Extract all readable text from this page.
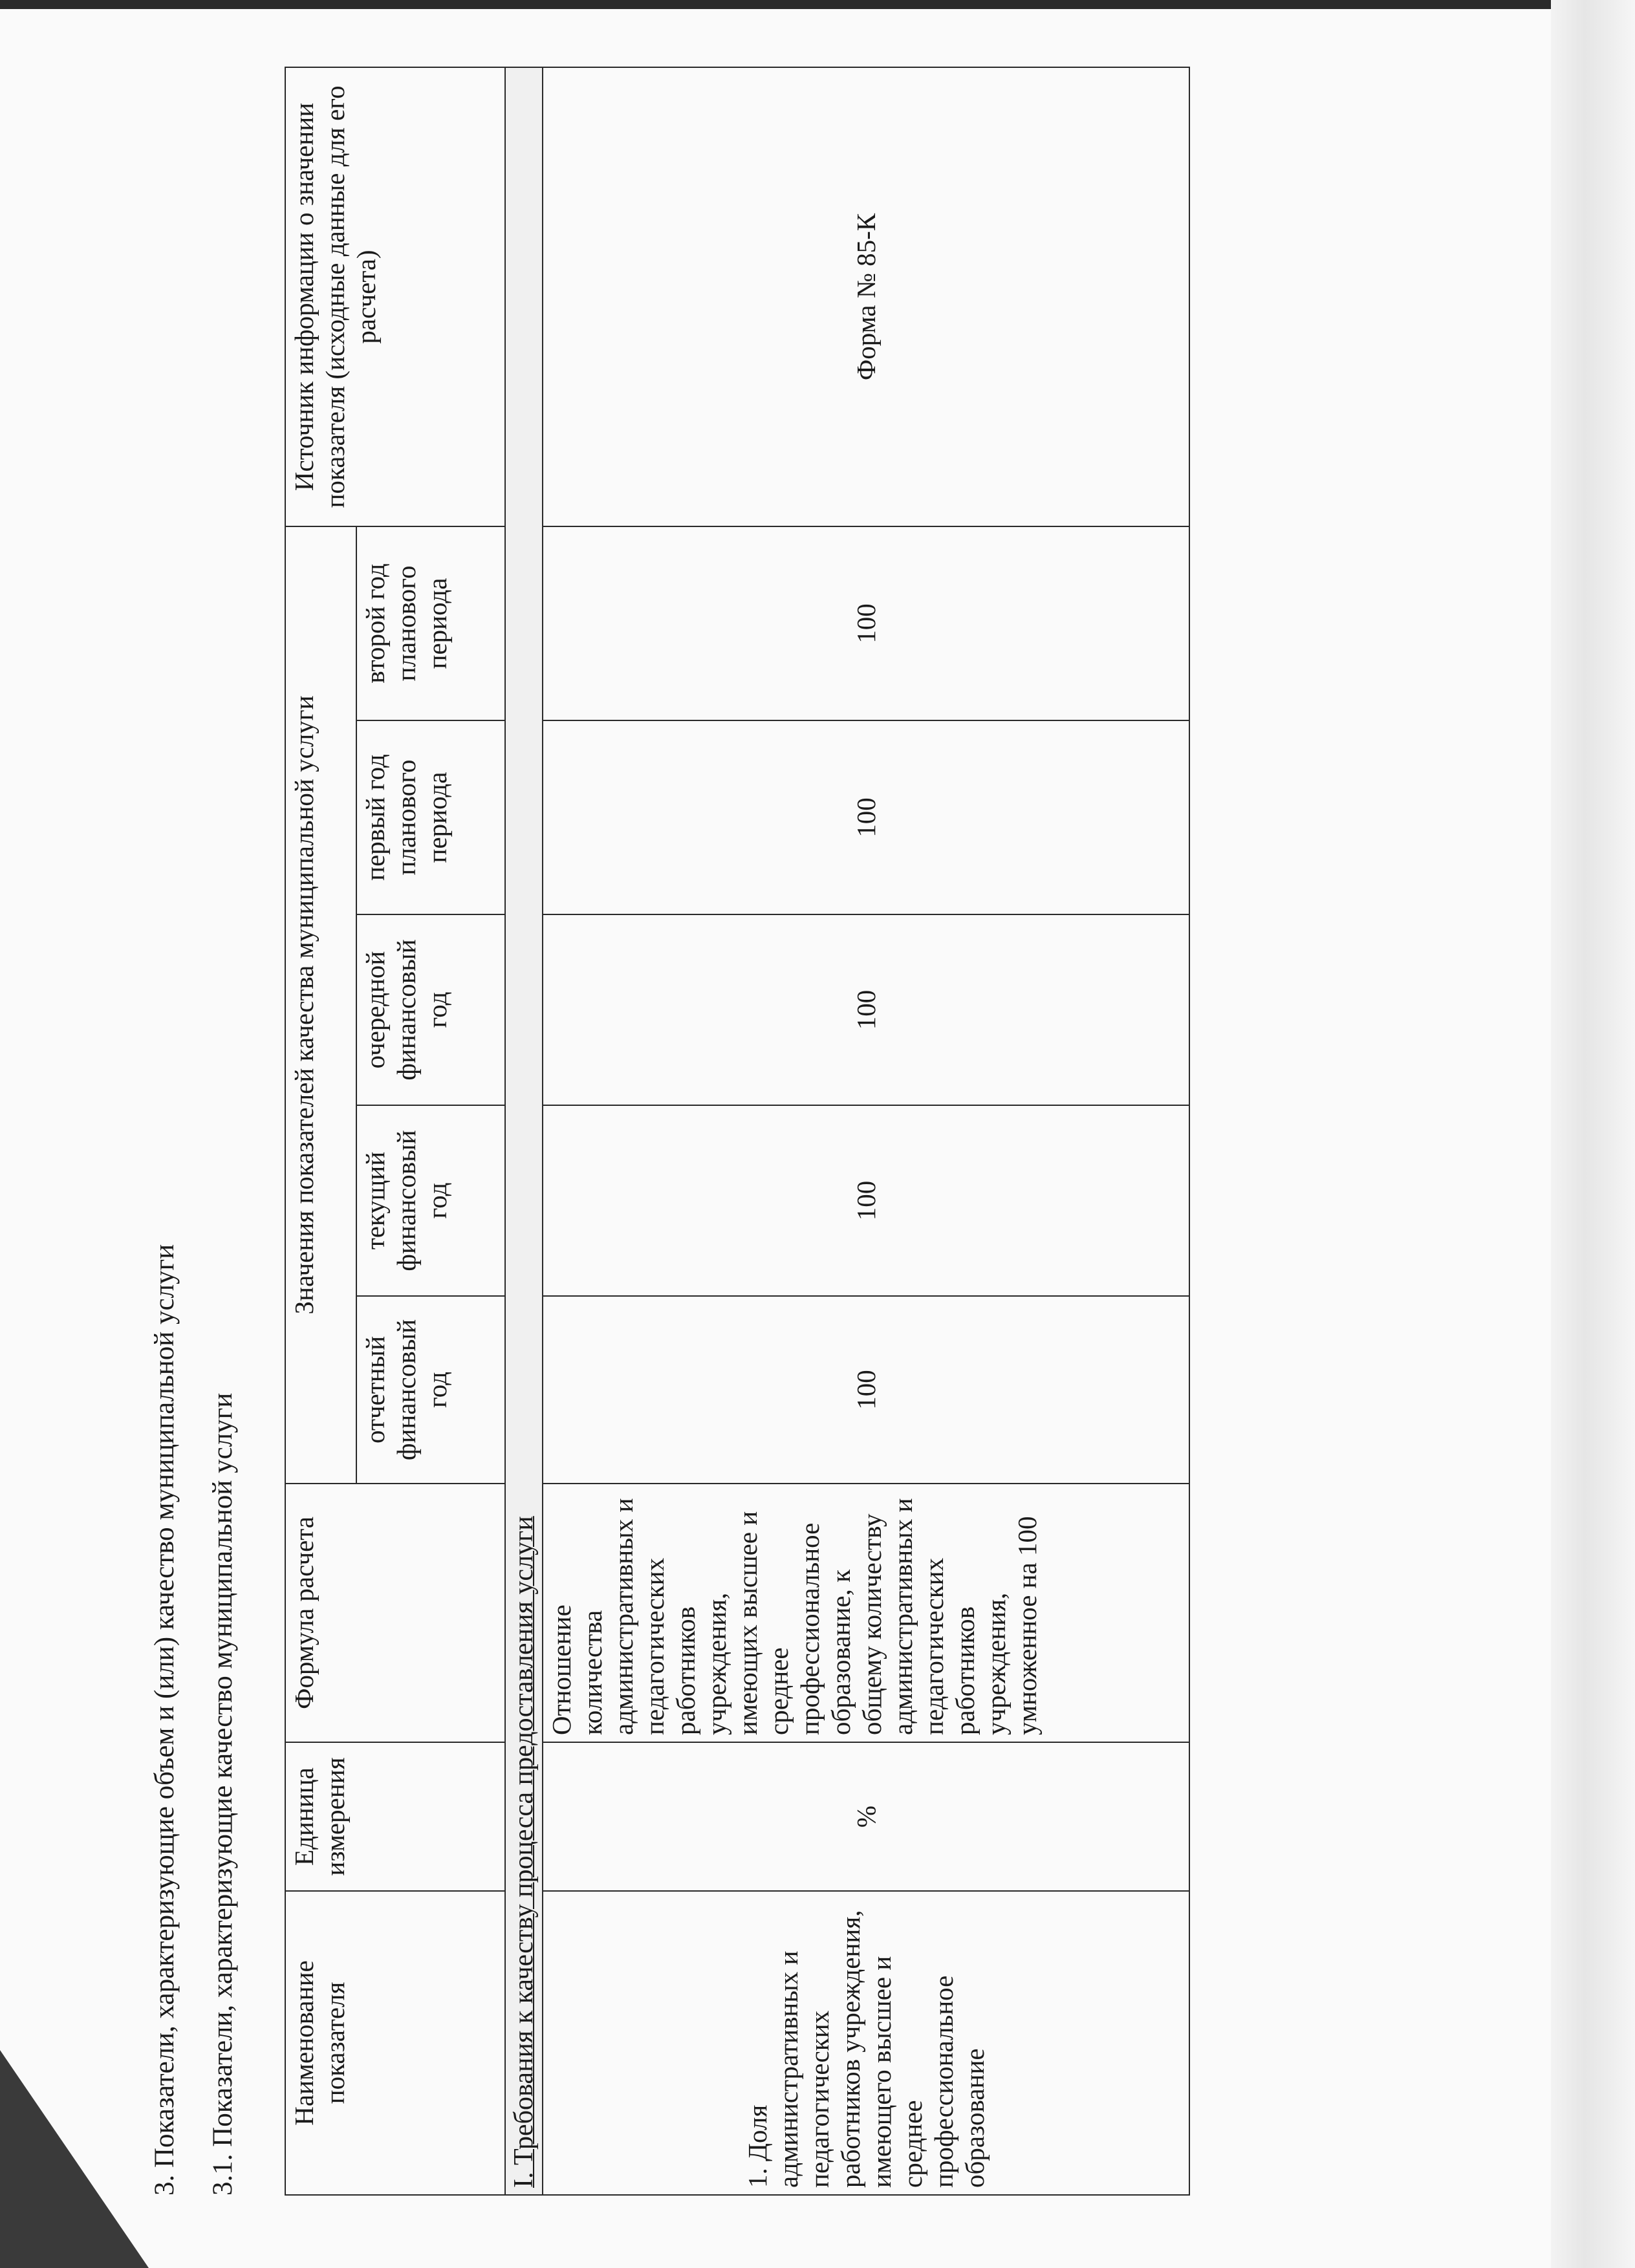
3. Показатели, характеризующие объем и (или) качество муниципальной услуги 3.1. Показатели, характеризующие качество муниципальной услуги Наименование показателя	Единица измерения	Формула расчета	Значения показателей качества муниципальной услуги					Источник информации о значении показателя (исходные данные для его расчета)
			отчетный финансовый год	текущий финансовый год	очередной финансовый год	первый год планового периода	второй год планового периода	
I. Требования к качеству процесса предоставления услуги								
1. Доля административных и педагогических работников учреждения, имеющего высшее и среднее профессиональное образование	%	Отношение количества административных и педагогических работников учреждения, имеющих высшее и среднее профессиональное образование, к общему количеству административных и педагогических работников учреждения, умноженное на 100	100	100	100	100	100	Форма № 85-К
